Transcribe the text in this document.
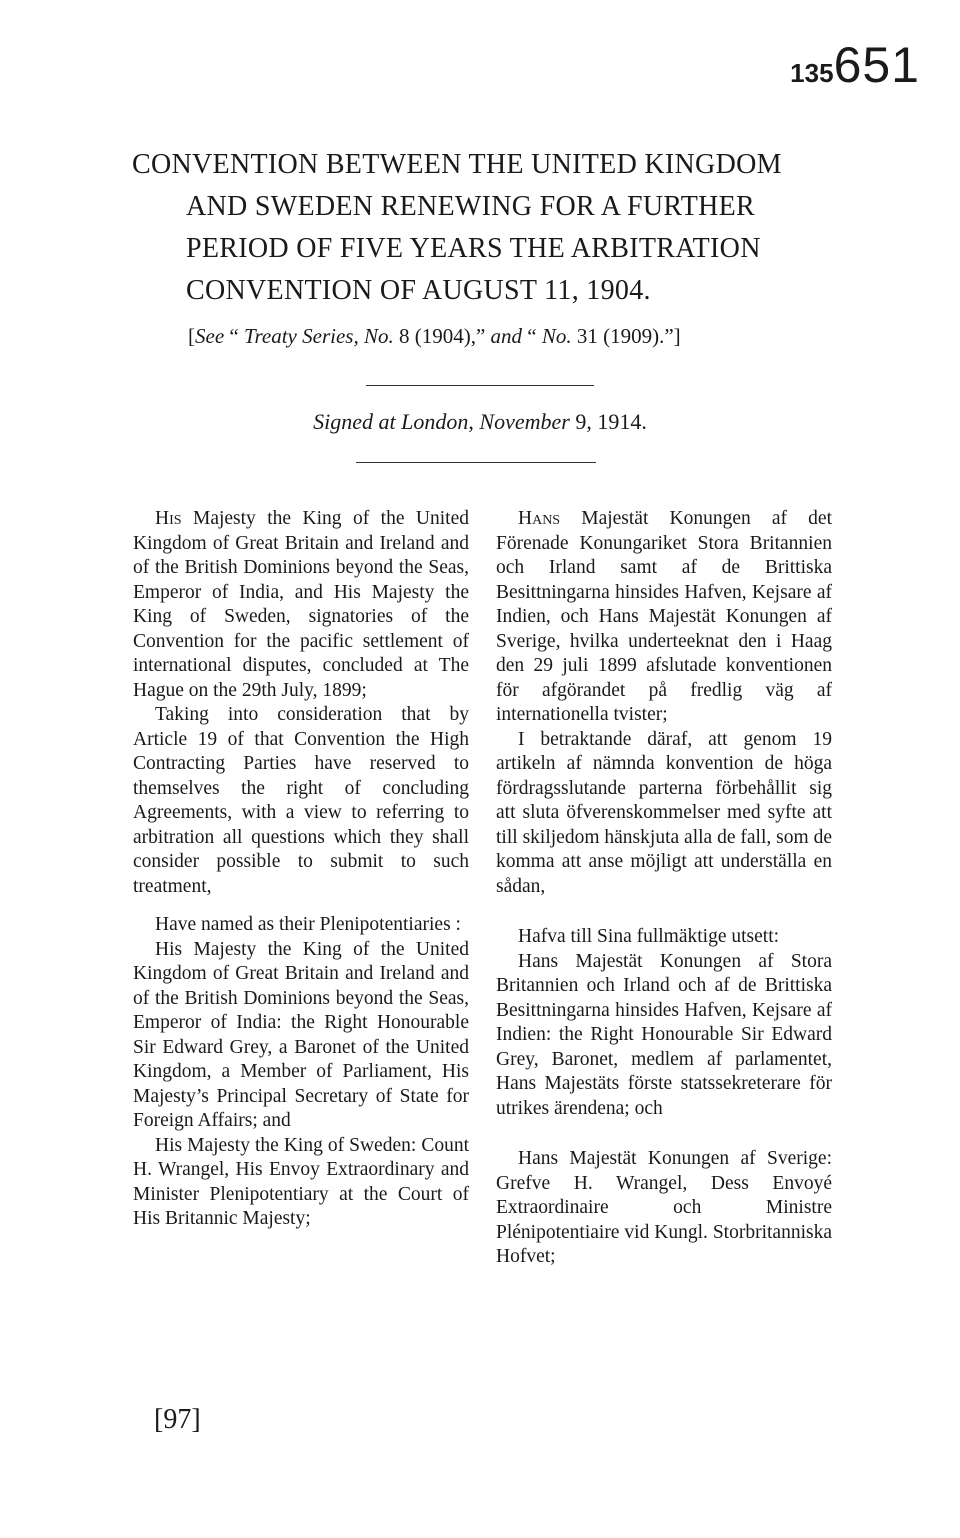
135 651
CONVENTION BETWEEN THE UNITED KINGDOM
AND SWEDEN RENEWING FOR A FURTHER
PERIOD OF FIVE YEARS THE ARBITRATION
CONVENTION OF AUGUST 11, 1904.
[See “ Treaty Series, No. 8 (1904),” and “ No. 31 (1909).”]
Signed at London, November 9, 1914.

His Majesty the King of the United Kingdom of Great Britain and Ireland and of the British Dominions beyond the Seas, Emperor of India, and His Majesty the King of Sweden, signatories of the Convention for the pacific settlement of international disputes, concluded at The Hague on the 29th July, 1899;

Taking into consideration that by Article 19 of that Convention the High Contracting Parties have reserved to themselves the right of concluding Agreements, with a view to referring to arbitration all questions which they shall consider possible to submit to such treatment,

Have named as their Plenipotentiaries :

His Majesty the King of the United Kingdom of Great Britain and Ireland and of the British Dominions beyond the Seas, Emperor of India: the Right Honourable Sir Edward Grey, a Baronet of the United Kingdom, a Member of Parliament, His Majesty’s Principal Secretary of State for Foreign Affairs; and

His Majesty the King of Sweden: Count H. Wrangel, His Envoy Extraordinary and Minister Plenipotentiary at the Court of His Britannic Majesty;

Hans Majestät Konungen af det Förenade Konungariket Stora Britannien och Irland samt af de Brittiska Besittningarna hinsides Hafven, Kejsare af Indien, och Hans Majestät Konungen af Sverige, hvilka underteeknat den i Haag den 29 juli 1899 afslutade konventionen för afgörandet på fredlig väg af internationella tvister;

I betraktande däraf, att genom 19 artikeln af nämnda konvention de höga fördragsslutande parterna förbehållit sig att sluta öfverenskommelser med syfte att till skiljedom hänskjuta alla de fall, som de komma att anse möjligt att underställa en sådan,

Hafva till Sina fullmäktige utsett:

Hans Majestät Konungen af Stora Britannien och Irland och af de Brittiska Besittningarna hinsides Hafven, Kejsare af Indien: the Right Honourable Sir Edward Grey, Baronet, medlem af parlamentet, Hans Majestäts förste statssekreterare för utrikes ärendena; och

Hans Majestät Konungen af Sverige: Grefve H. Wrangel, Dess Envoyé Extraordinaire och Ministre Plénipotentiaire vid Kungl. Storbritanniska Hofvet;

[97]
